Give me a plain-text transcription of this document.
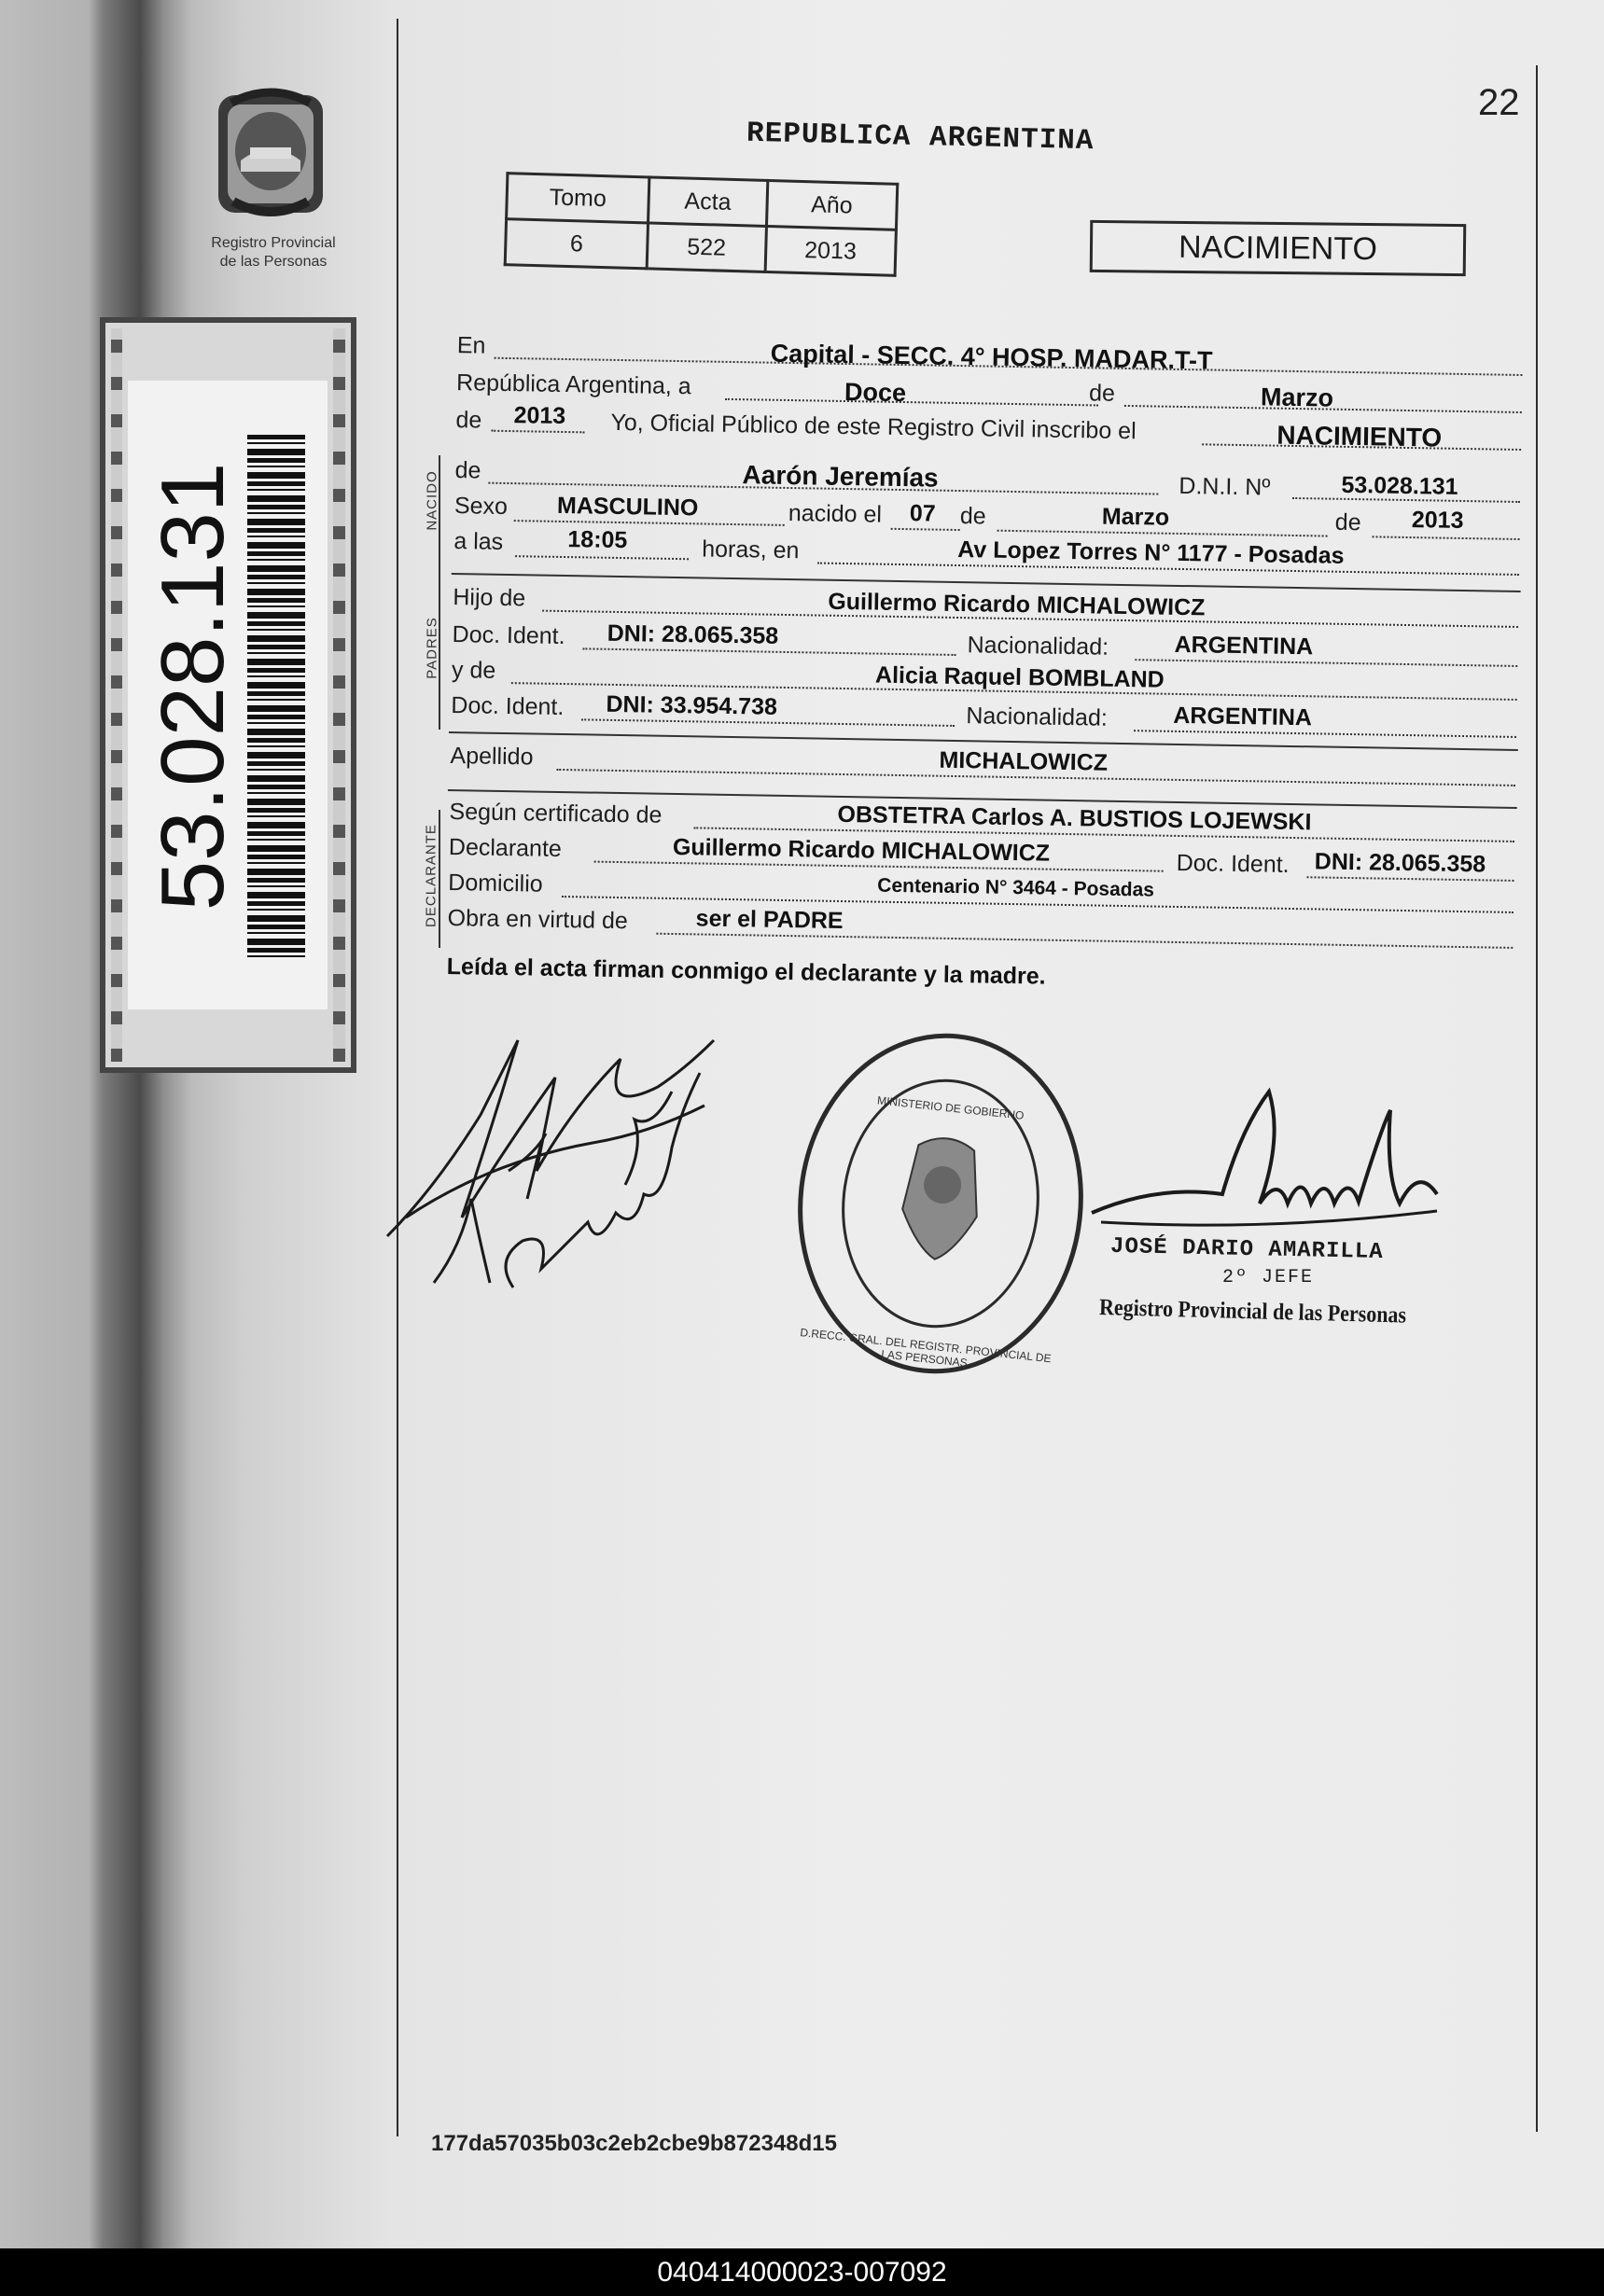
Registro Provincial
de las Personas
53.028.131
22
REPUBLICA ARGENTINA
Tomo	Acta	Año
6	522	2013	NACIMIENTO
NACIDO
PADRES
DECLARANTE
En	Capital - SECC. 4° HOSP. MADAR.T-T
República Argentina, a	Doce	de	Marzo
de 2013 Yo, Oficial Público de este Registro Civil inscribo el	NACIMIENTO
de	Aarón Jeremías	D.N.I. Nº	53.028.131
Sexo MASCULINO	nacido el 07 de	Marzo	de 2013
a las	18:05	horas, en	Av Lopez Torres N° 1177 - Posadas
Hijo de	Guillermo Ricardo MICHALOWICZ
Doc. Ident. DNI: 28.065.358	Nacionalidad:	ARGENTINA
y de	Alicia Raquel BOMBLAND
Doc. Ident. DNI: 33.954.738	Nacionalidad:	ARGENTINA
Apellido	MICHALOWICZ
Según certificado de	OBSTETRA Carlos A. BUSTIOS LOJEWSKI
Declarante	Guillermo Ricardo MICHALOWICZ	Doc. Ident. DNI: 28.065.358
Domicilio	Centenario N° 3464 - Posadas
Obra en virtud de	ser el PADRE
Leída el acta firman conmigo el declarante y la madre.
D.RECC. GRAL. DEL REGISTR. PROVINCIAL DE LAS PERSONAS
MINISTERIO DE GOBIERNO
JOSÉ DARIO AMARILLA
2º JEFE
Registro Provincial de las Personas
177da57035b03c2eb2cbe9b872348d15
040414000023-007092
